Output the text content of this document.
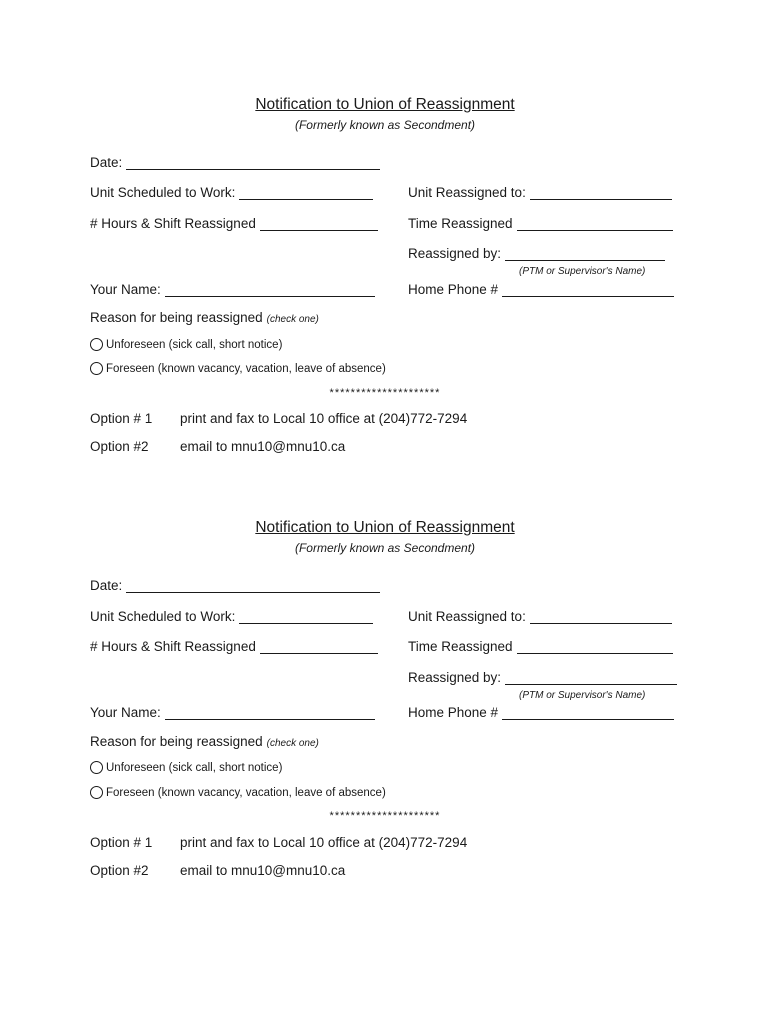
Notification to Union of Reassignment
(Formerly known as Secondment)
Date:
Unit Scheduled to Work:	Unit Reassigned to:
# Hours & Shift Reassigned	Time Reassigned
Reassigned by:
(PTM or Supervisor's Name)
Your Name:	Home Phone #
Reason for being reassigned (check one)
Unforeseen (sick call, short notice)
Foreseen (known vacancy, vacation, leave of absence)
*********************
Option # 1 print and fax to Local 10 office at (204)772-7294
Option #2 email to mnu10@mnu10.ca
Notification to Union of Reassignment
(Formerly known as Secondment)
Date:
Unit Scheduled to Work:	Unit Reassigned to:
# Hours & Shift Reassigned	Time Reassigned
Reassigned by:
(PTM or Supervisor's Name)
Your Name:	Home Phone #
Reason for being reassigned (check one)
Unforeseen (sick call, short notice)
Foreseen (known vacancy, vacation, leave of absence)
*********************
Option # 1 print and fax to Local 10 office at (204)772-7294
Option #2 email to mnu10@mnu10.ca
